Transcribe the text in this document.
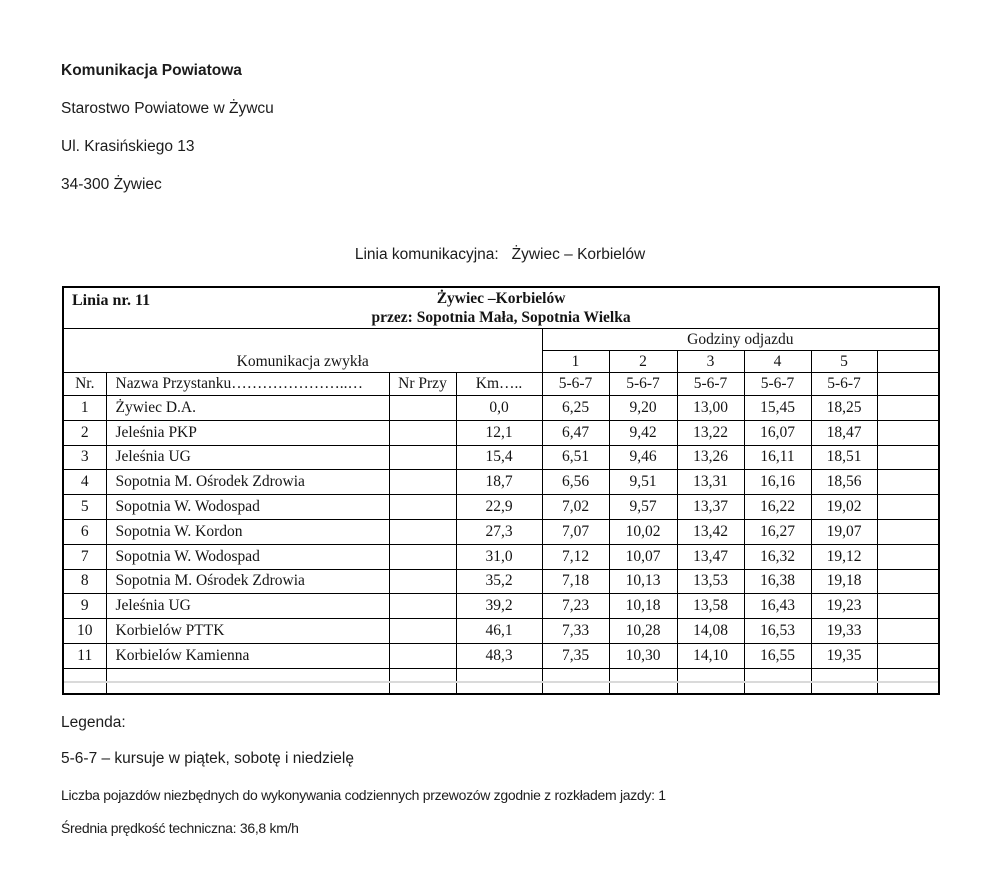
Komunikacja Powiatowa
Starostwo Powiatowe w Żywcu
Ul. Krasińskiego 13
34-300 Żywiec
Linia komunikacyjna:   Żywiec – Korbielów
Linia nr. 11 Żywiec –Korbielów
przez: Sopotnia Mała, Sopotnia Wielka									

Komunikacja zwykła				Godziny odjazdu					
				1	2	3	4	5	
Nr.	Nazwa Przystanku…………………..…	Nr Przy	Km…..	5-6-7	5-6-7	5-6-7	5-6-7	5-6-7	
1	Żywiec D.A.		0,0	6,25	9,20	13,00	15,45	18,25	
2	Jeleśnia PKP		12,1	6,47	9,42	13,22	16,07	18,47	
3	Jeleśnia UG		15,4	6,51	9,46	13,26	16,11	18,51	
4	Sopotnia M. Ośrodek Zdrowia		18,7	6,56	9,51	13,31	16,16	18,56	
5	Sopotnia W. Wodospad		22,9	7,02	9,57	13,37	16,22	19,02	
6	Sopotnia W. Kordon		27,3	7,07	10,02	13,42	16,27	19,07	
7	Sopotnia W. Wodospad		31,0	7,12	10,07	13,47	16,32	19,12	
8	Sopotnia M. Ośrodek Zdrowia		35,2	7,18	10,13	13,53	16,38	19,18	
9	Jeleśnia UG		39,2	7,23	10,18	13,58	16,43	19,23	
10	Korbielów PTTK		46,1	7,33	10,28	14,08	16,53	19,33	
11	Korbielów Kamienna		48,3	7,35	10,30	14,10	16,55	19,35	

Legenda:
5-6-7 – kursuje w piątek, sobotę i niedzielę
Liczba pojazdów niezbędnych do wykonywania codziennych przewozów zgodnie z rozkładem jazdy: 1
Średnia prędkość techniczna: 36,8 km/h
